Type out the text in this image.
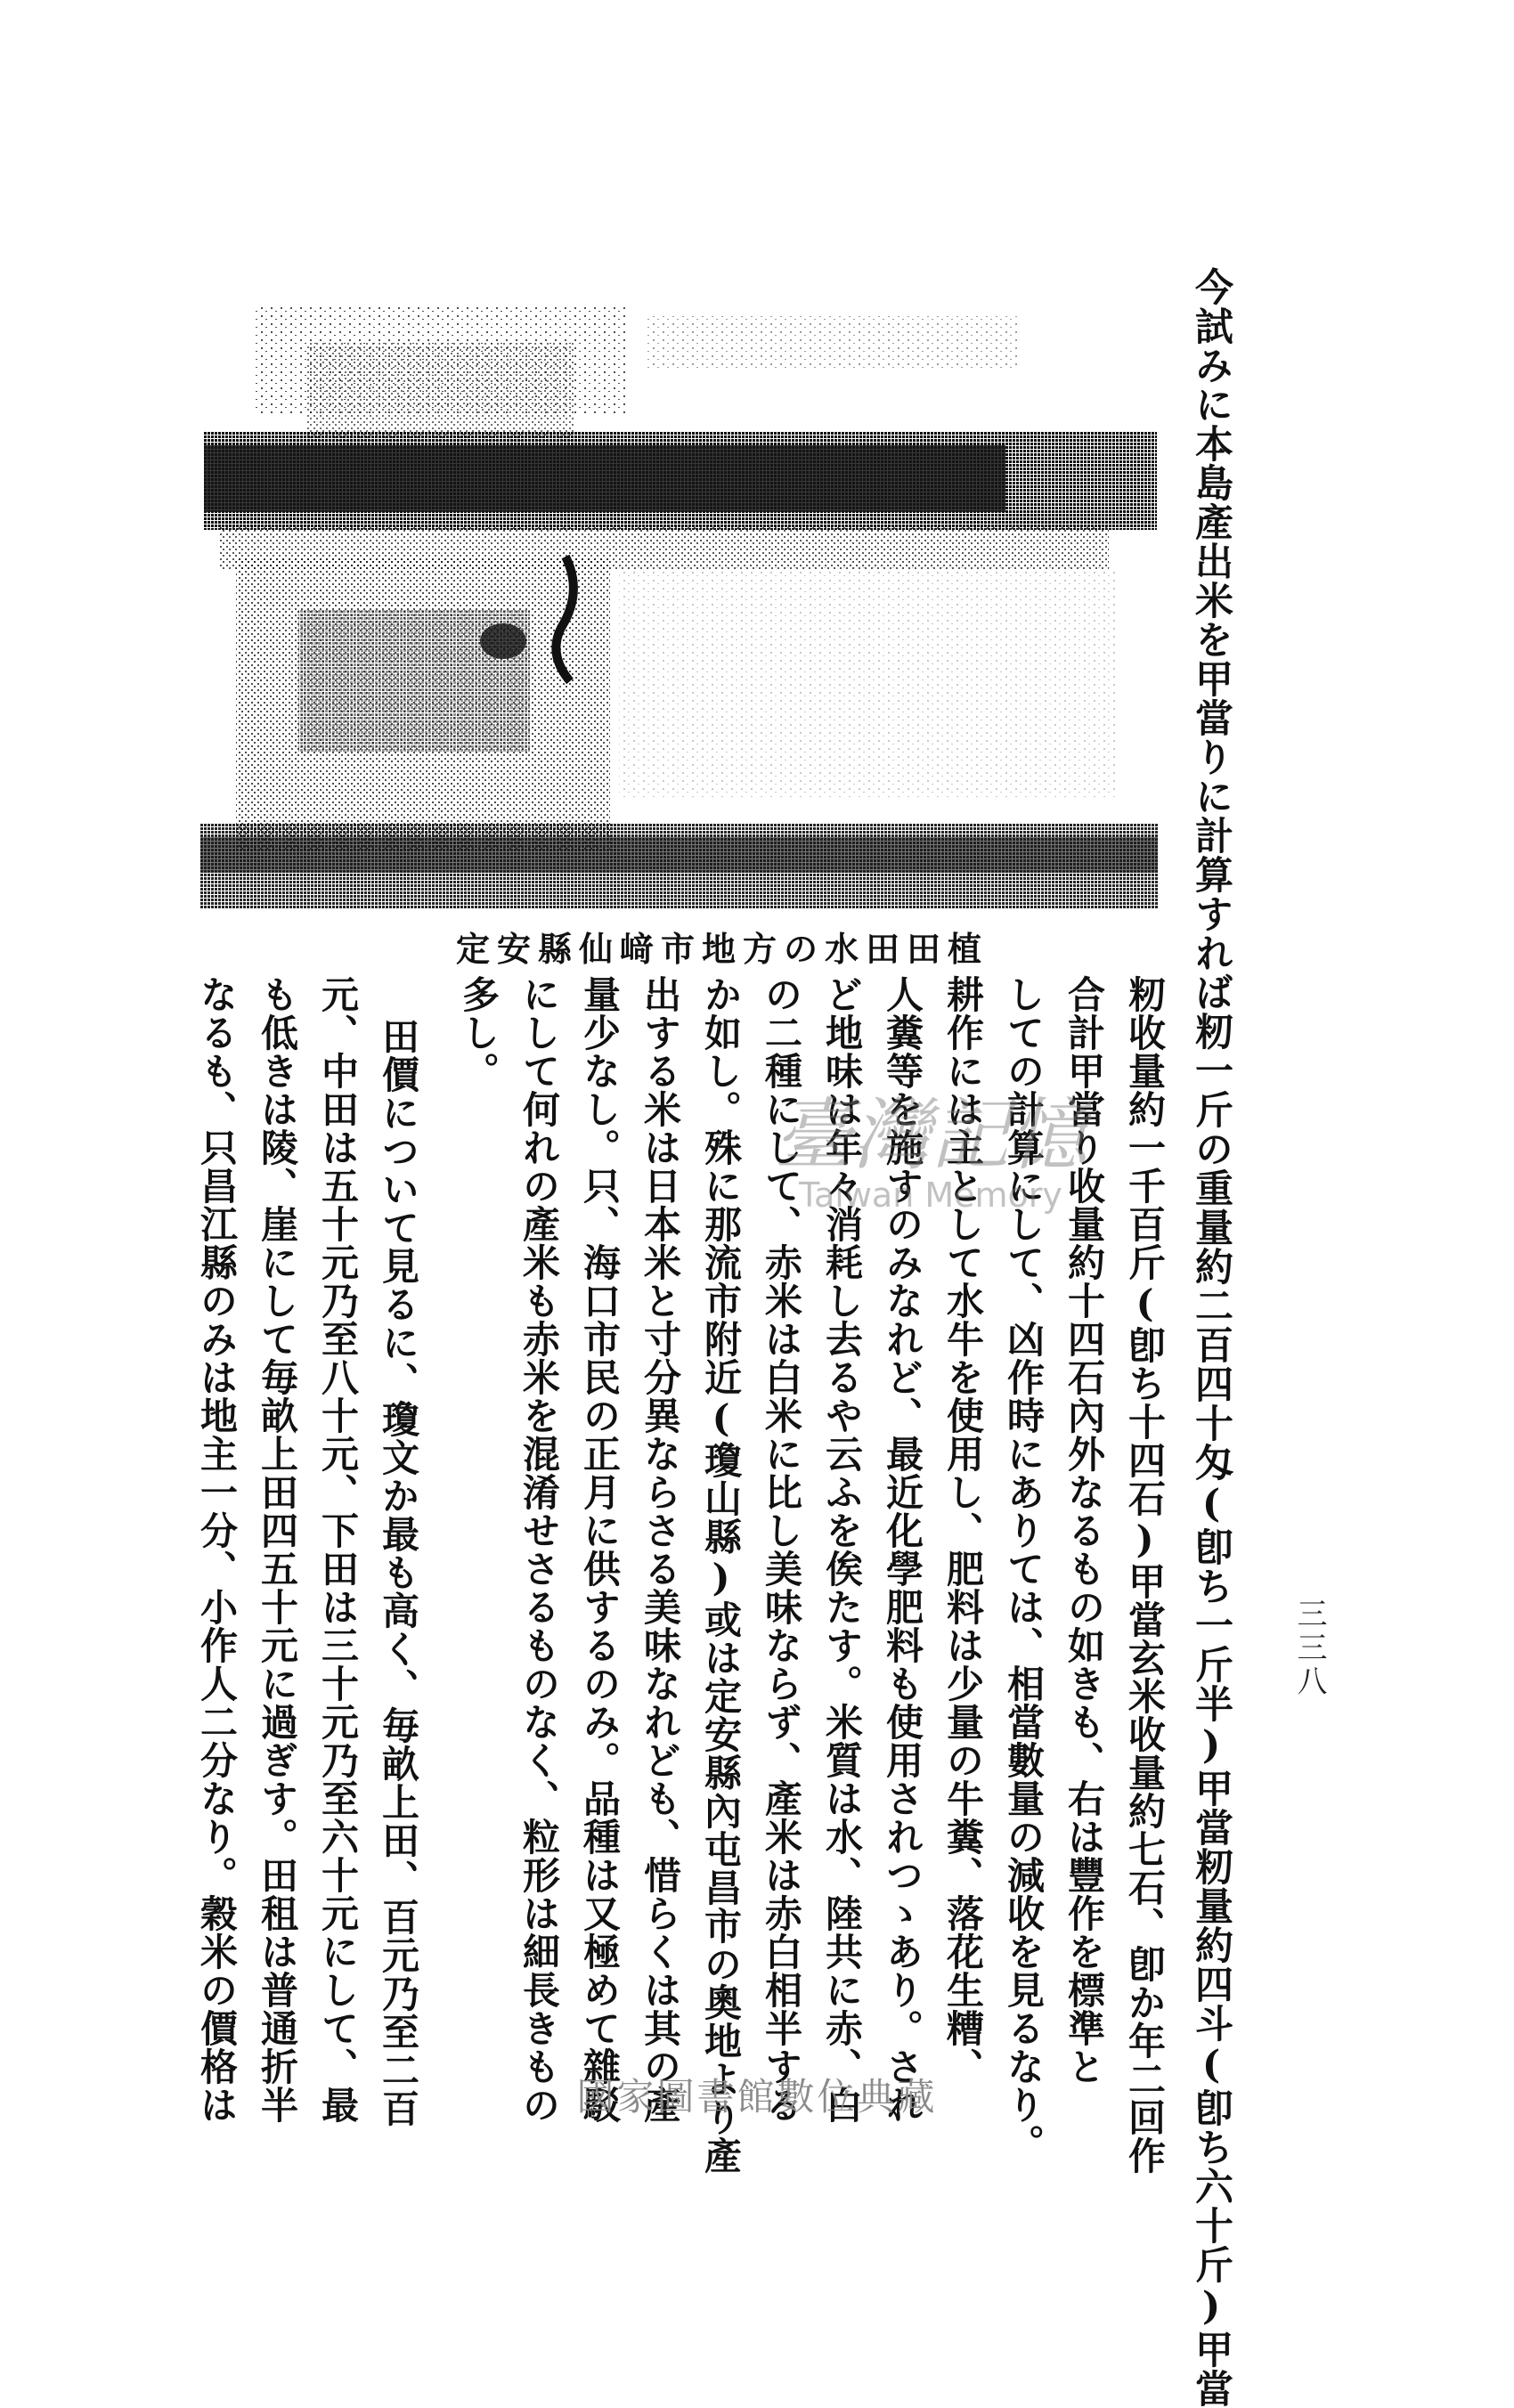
三三八
今試みに本島產出米を甲當りに計算すれば籾一斤の重量約二百四十匁(卽ち一斤半)甲當籾量約四斗(卽ち六十斤)甲當
定安縣仙﨑市地方の水田田植
籾收量約一千百斤(卽ち十四石)甲當玄米收量約七石、卽か年二回作
合計甲當り收量約十四石內外なるもの如きも、右は豐作を標準と
しての計算にして、凶作時にありては、相當數量の減收を見るなり。
耕作には主として水牛を使用し、肥料は少量の牛糞、落花生糟、
人糞等を施すのみなれど、最近化學肥料も使用されつゝあり。され
ど地味は年々消耗し去るや云ふを俟たす。米質は水、陸共に赤、白
の二種にして、赤米は白米に比し美味ならず、產米は赤白相半する
か如し。殊に那流市附近(瓊山縣)或は定安縣內屯昌市の奧地より產
出する米は日本米と寸分異ならさる美味なれども、惜らくは其の產
量少なし。只、海口市民の正月に供するのみ。品種は又極めて雜駁
にして何れの產米も赤米を混淆せさるものなく、粒形は細長きもの
多し。
田價について見るに、瓊文か最も高く、毎畝上田、百元乃至二百
元、中田は五十元乃至八十元、下田は三十元乃至六十元にして、最
も低きは陵、崖にして毎畝上田四五十元に過ぎす。田租は普通折半
なるも、只昌江縣のみは地主一分、小作人二分なり。穀米の價格は	臺灣記憶
Taiwan Memory
國家圖書館數位典藏
